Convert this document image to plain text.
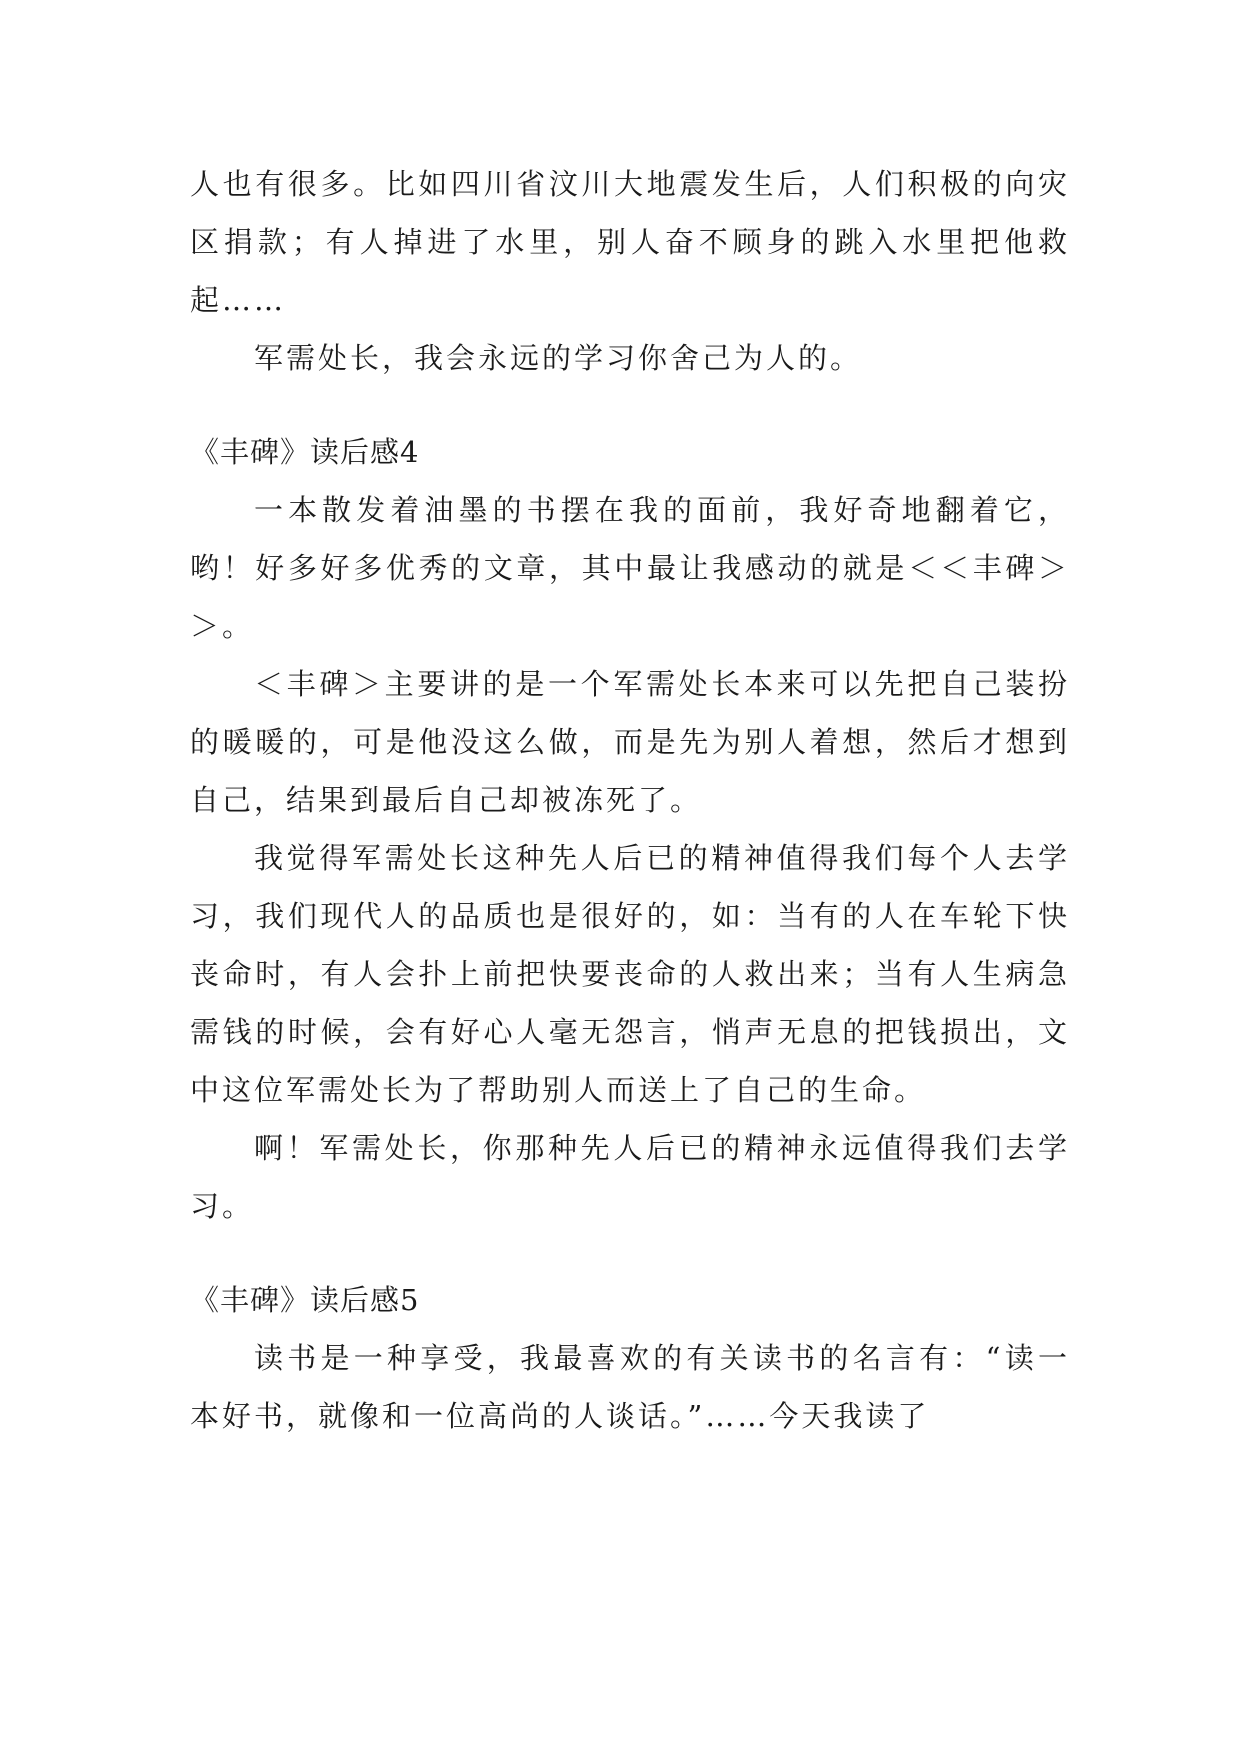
人也有很多。比如四川省汶川大地震发生后，人们积极的向灾区捐款；有人掉进了水里，别人奋不顾身的跳入水里把他救起……

军需处长，我会永远的学习你舍己为人的。

《丰碑》读后感4

一本散发着油墨的书摆在我的面前，我好奇地翻着它，哟！好多好多优秀的文章，其中最让我感动的就是＜＜丰碑＞＞。

＜丰碑＞主要讲的是一个军需处长本来可以先把自己装扮的暖暖的，可是他没这么做，而是先为别人着想，然后才想到自己，结果到最后自己却被冻死了。

我觉得军需处长这种先人后已的精神值得我们每个人去学习，我们现代人的品质也是很好的，如：当有的人在车轮下快丧命时，有人会扑上前把快要丧命的人救出来；当有人生病急需钱的时候，会有好心人毫无怨言，悄声无息的把钱损出，文中这位军需处长为了帮助别人而送上了自己的生命。

啊！军需处长，你那种先人后已的精神永远值得我们去学习。

《丰碑》读后感5

读书是一种享受，我最喜欢的有关读书的名言有：“读一本好书，就像和一位高尚的人谈话。”……今天我读了
